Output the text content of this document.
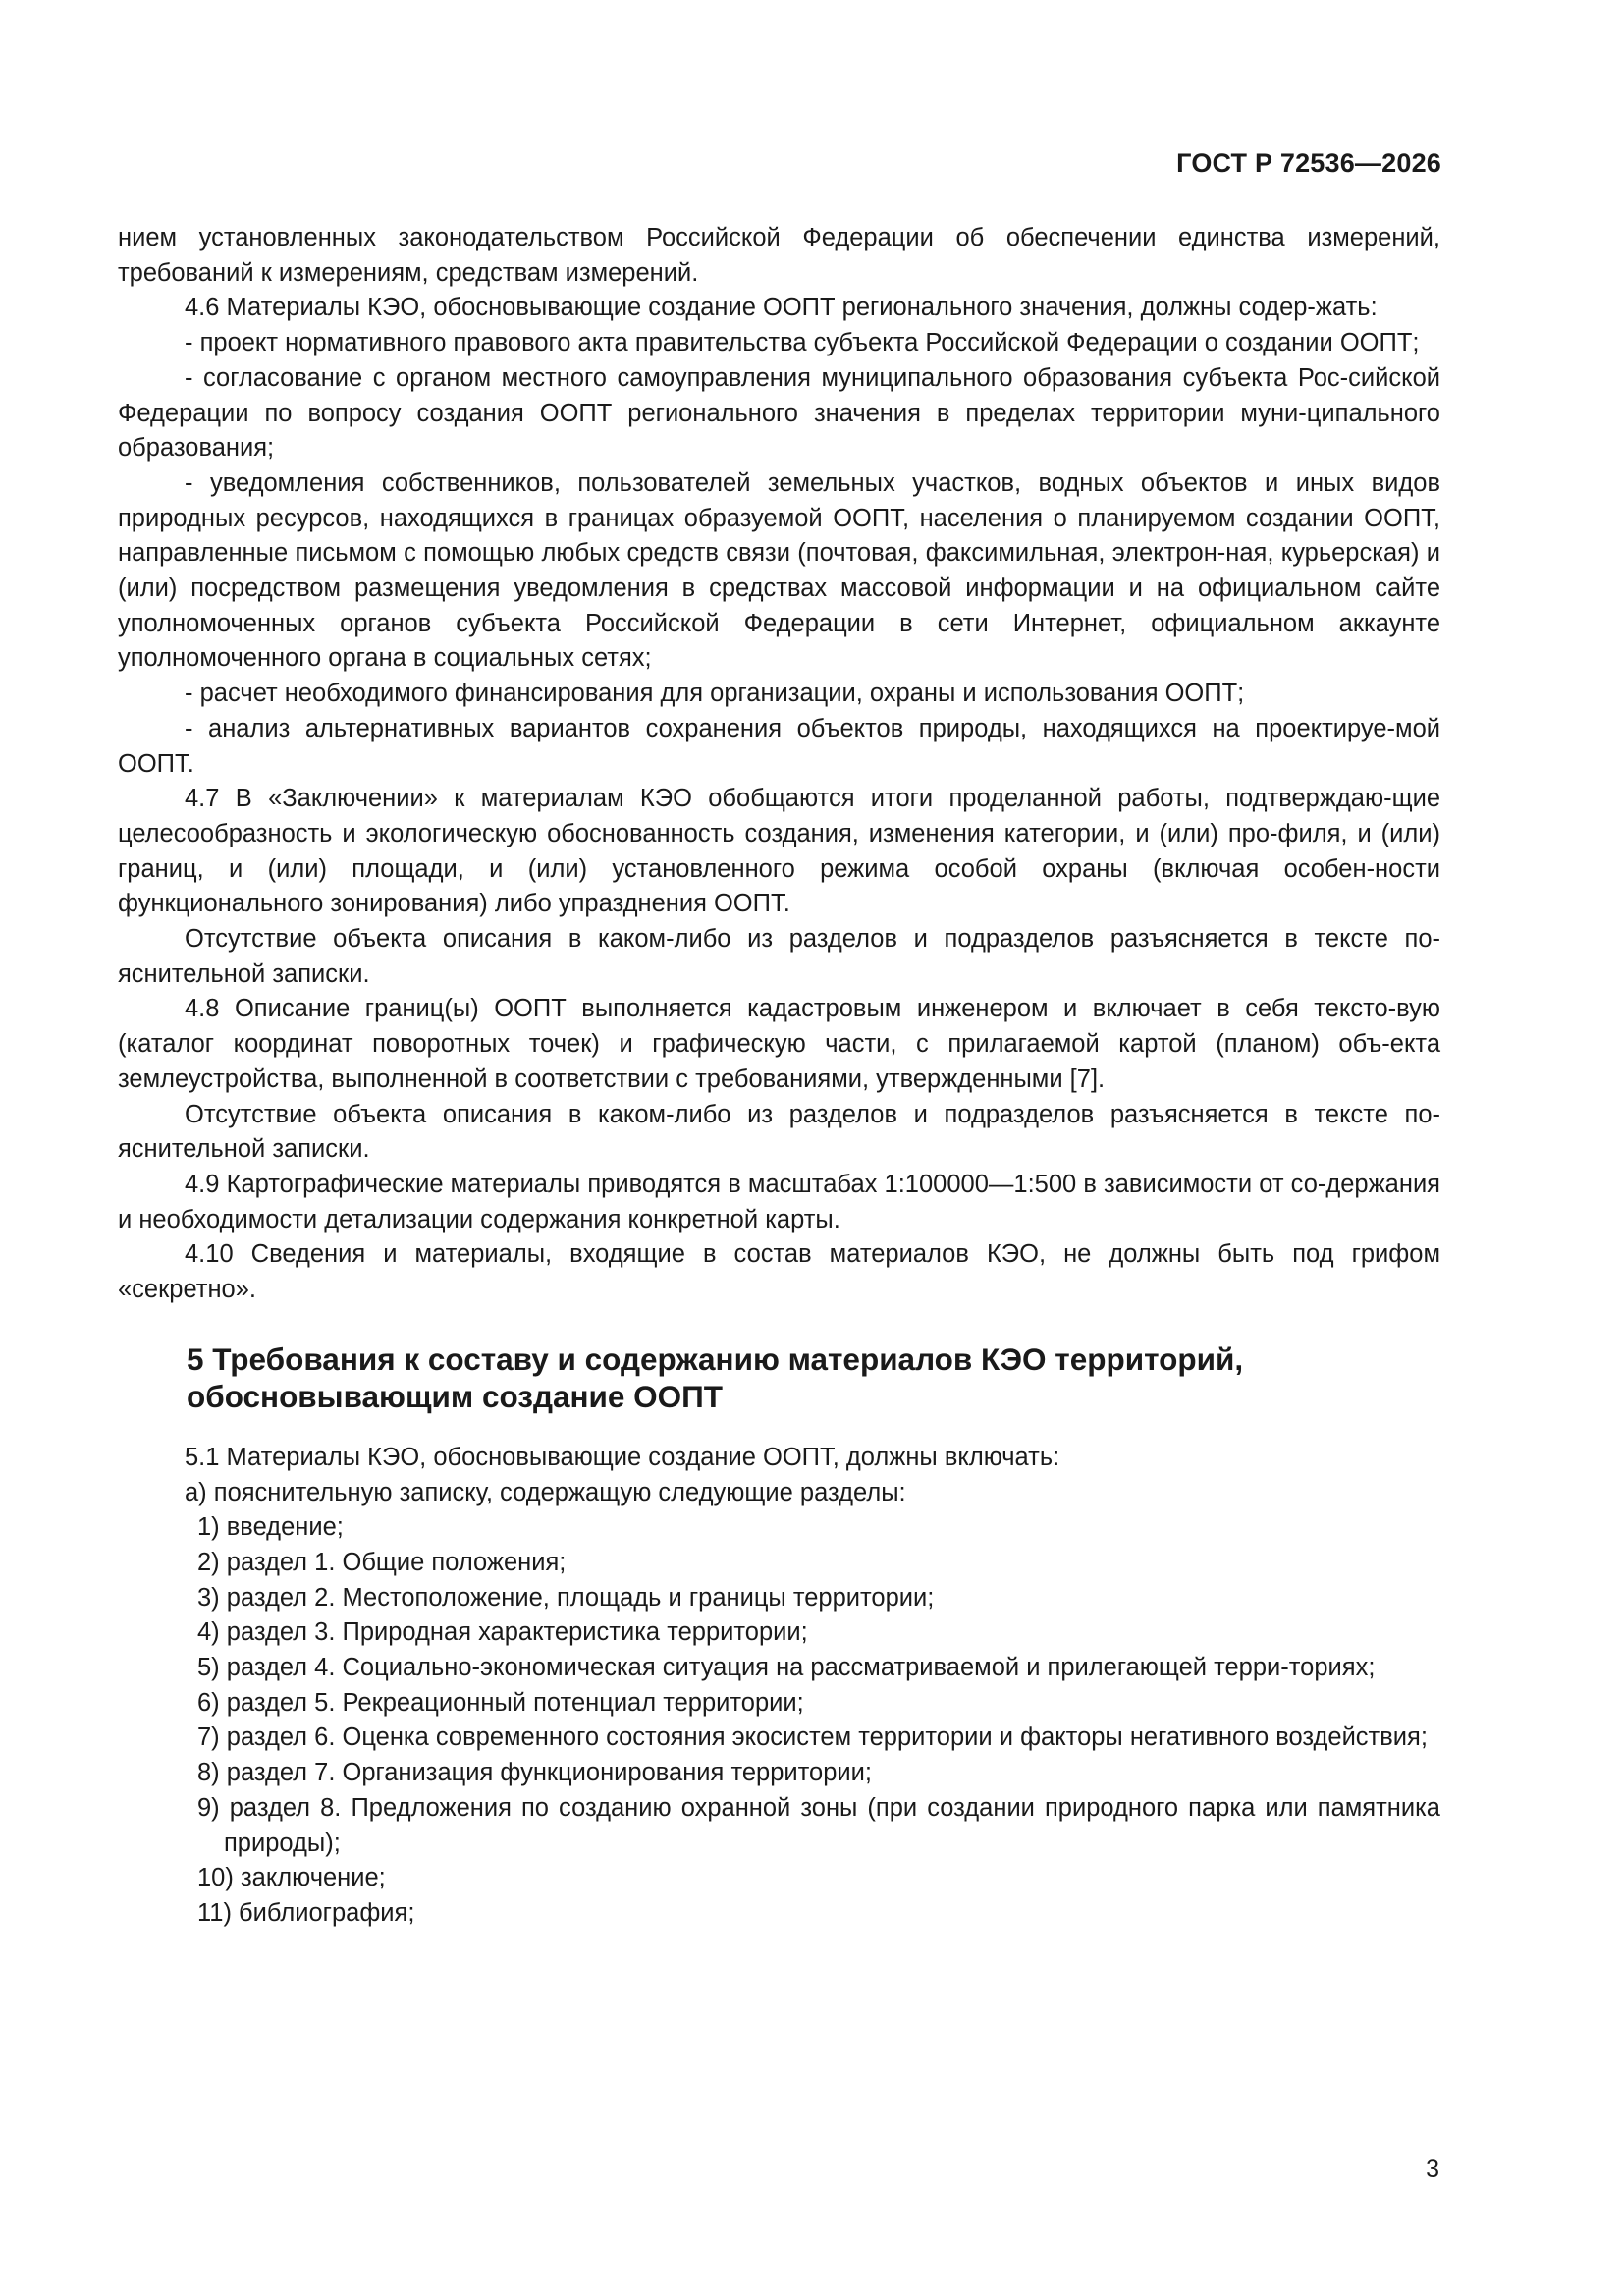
ГОСТ Р 72536—2026

нием установленных законодательством Российской Федерации об обеспечении единства измерений, требований к измерениям, средствам измерений.

4.6 Материалы КЭО, обосновывающие создание ООПТ регионального значения, должны содер-жать:

- проект нормативного правового акта правительства субъекта Российской Федерации о создании ООПТ;

- согласование с органом местного самоуправления муниципального образования субъекта Рос-сийской Федерации по вопросу создания ООПТ регионального значения в пределах территории муни-ципального образования;

- уведомления собственников, пользователей земельных участков, водных объектов и иных видов природных ресурсов, находящихся в границах образуемой ООПТ, населения о планируемом создании ООПТ, направленные письмом с помощью любых средств связи (почтовая, факсимильная, электрон-ная, курьерская) и (или) посредством размещения уведомления в средствах массовой информации и на официальном сайте уполномоченных органов субъекта Российской Федерации в сети Интернет, официальном аккаунте уполномоченного органа в социальных сетях;

- расчет необходимого финансирования для организации, охраны и использования ООПТ;

- анализ альтернативных вариантов сохранения объектов природы, находящихся на проектируе-мой ООПТ.

4.7 В «Заключении» к материалам КЭО обобщаются итоги проделанной работы, подтверждаю-щие целесообразность и экологическую обоснованность создания, изменения категории, и (или) про-филя, и (или) границ, и (или) площади, и (или) установленного режима особой охраны (включая особен-ности функционального зонирования) либо упразднения ООПТ.

Отсутствие объекта описания в каком-либо из разделов и подразделов разъясняется в тексте по-яснительной записки.

4.8 Описание границ(ы) ООПТ выполняется кадастровым инженером и включает в себя тексто-вую (каталог координат поворотных точек) и графическую части, с прилагаемой картой (планом) объ-екта землеустройства, выполненной в соответствии с требованиями, утвержденными [7].

Отсутствие объекта описания в каком-либо из разделов и подразделов разъясняется в тексте по-яснительной записки.

4.9 Картографические материалы приводятся в масштабах 1:100000—1:500 в зависимости от со-держания и необходимости детализации содержания конкретной карты.

4.10 Сведения и материалы, входящие в состав материалов КЭО, не должны быть под грифом «секретно».

5 Требования к составу и содержанию материалов КЭО территорий,
обосновывающим создание ООПТ

5.1 Материалы КЭО, обосновывающие создание ООПТ, должны включать:

а) пояснительную записку, содержащую следующие разделы:

1) введение;

2) раздел 1. Общие положения;

3) раздел 2. Местоположение, площадь и границы территории;

4) раздел 3. Природная характеристика территории;

5) раздел 4. Социально-экономическая ситуация на рассматриваемой и прилегающей терри-ториях;

6) раздел 5. Рекреационный потенциал территории;

7) раздел 6. Оценка современного состояния экосистем территории и факторы негативного воздействия;

8) раздел 7. Организация функционирования территории;

9) раздел 8. Предложения по созданию охранной зоны (при создании природного парка или памятника природы);

10) заключение;

11) библиография;

3
